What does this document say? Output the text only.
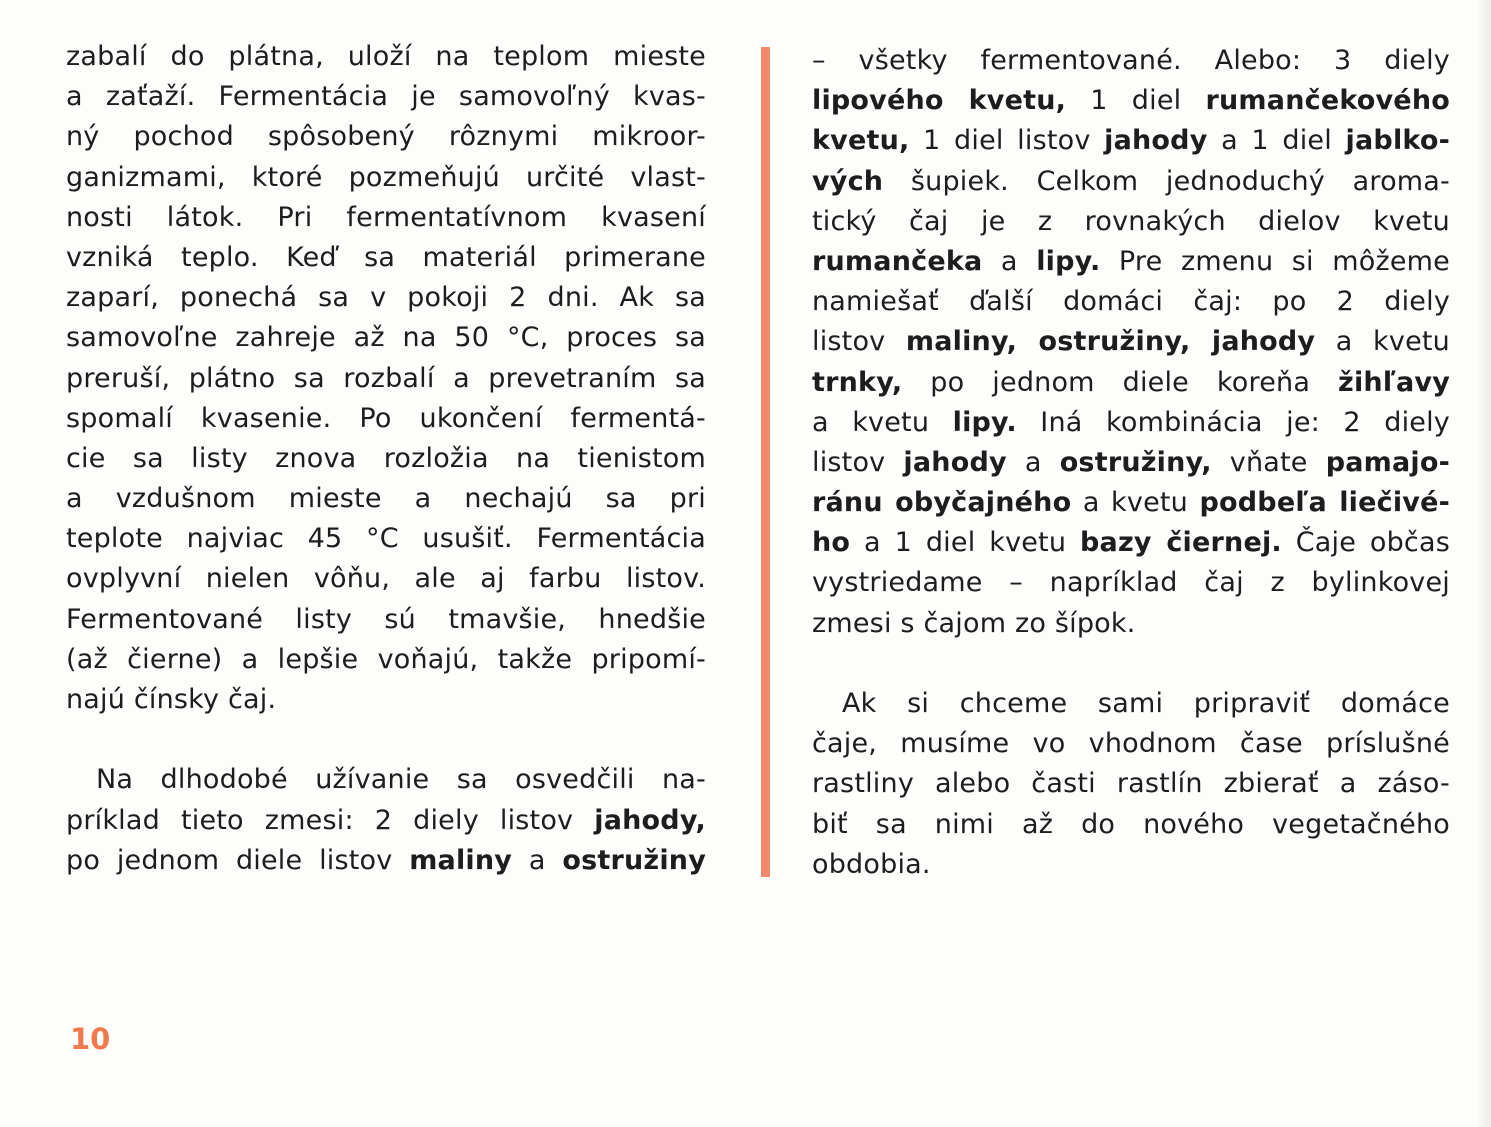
zabalí do plátna, uloží na teplom mieste
a zaťaží. Fermentácia je samovoľný kvas-
ný pochod spôsobený rôznymi mikroor-
ganizmami, ktoré pozmeňujú určité vlast-
nosti látok. Pri fermentatívnom kvasení
vzniká teplo. Keď sa materiál primerane
zaparí, ponechá sa v pokoji 2 dni. Ak sa
samovoľne zahreje až na 50 °C, proces sa
preruší, plátno sa rozbalí a prevetraním sa
spomalí kvasenie. Po ukončení fermentá-
cie sa listy znova rozložia na tienistom
a vzdušnom mieste a nechajú sa pri
teplote najviac 45 °C usušiť. Fermentácia
ovplyvní nielen vôňu, ale aj farbu listov.
Fermentované listy sú tmavšie, hnedšie
(až čierne) a lepšie voňajú, takže pripomí-
najú čínsky čaj.
Na dlhodobé užívanie sa osvedčili na-
príklad tieto zmesi: 2 diely listov jahody,
po jednom diele listov maliny a ostružiny
– všetky fermentované. Alebo: 3 diely
lipového kvetu, 1 diel rumančekového
kvetu, 1 diel listov jahody a 1 diel jablko-
vých šupiek. Celkom jednoduchý aroma-
tický čaj je z rovnakých dielov kvetu
rumančeka a lipy. Pre zmenu si môžeme
namiešať ďalší domáci čaj: po 2 diely
listov maliny, ostružiny, jahody a kvetu
trnky, po jednom diele koreňa žihľavy
a kvetu lipy. Iná kombinácia je: 2 diely
listov jahody a ostružiny, vňate pamajo-
ránu obyčajného a kvetu podbeľa liečivé-
ho a 1 diel kvetu bazy čiernej. Čaje občas
vystriedame – napríklad čaj z bylinkovej
zmesi s čajom zo šípok.
Ak si chceme sami pripraviť domáce
čaje, musíme vo vhodnom čase príslušné
rastliny alebo časti rastlín zbierať a záso-
biť sa nimi až do nového vegetačného
obdobia.
10
